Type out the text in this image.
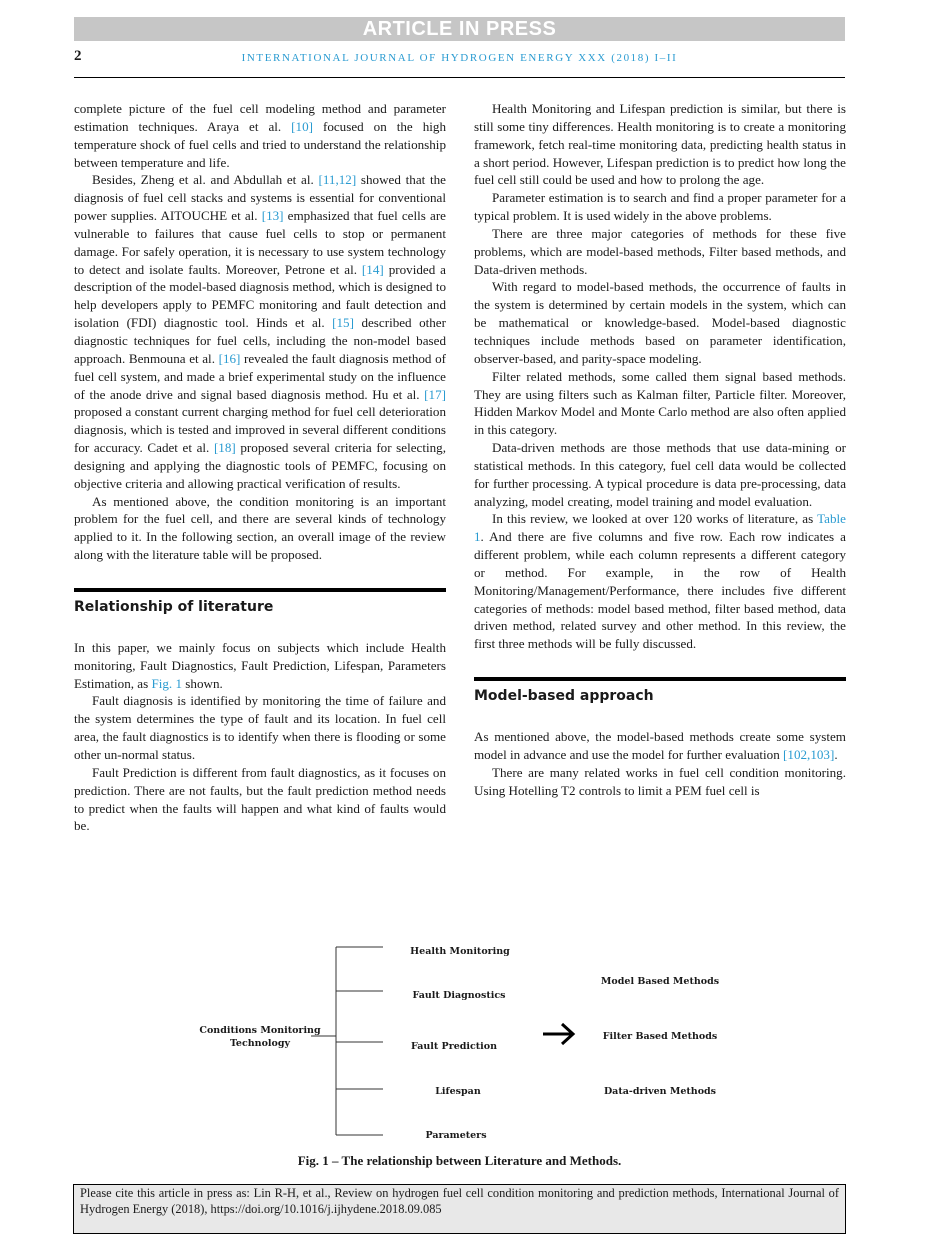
ARTICLE IN PRESS
2	INTERNATIONAL JOURNAL OF HYDROGEN ENERGY XXX (2018) I–II

complete picture of the fuel cell modeling method and parameter estimation techniques. Araya et al. [10] focused on the high temperature shock of fuel cells and tried to understand the relationship between temperature and life.

Besides, Zheng et al. and Abdullah et al. [11,12] showed that the diagnosis of fuel cell stacks and systems is essential for conventional power supplies. AITOUCHE et al. [13] emphasized that fuel cells are vulnerable to failures that cause fuel cells to stop or permanent damage. For safely operation, it is necessary to use system technology to detect and isolate faults. Moreover, Petrone et al. [14] provided a description of the model-based diagnosis method, which is designed to help developers apply to PEMFC monitoring and fault detection and isolation (FDI) diagnostic tool. Hinds et al. [15] described other diagnostic techniques for fuel cells, including the non-model based approach. Benmouna et al. [16] revealed the fault diagnosis method of fuel cell system, and made a brief experimental study on the influence of the anode drive and signal based diagnosis method. Hu et al. [17] proposed a constant current charging method for fuel cell deterioration diagnosis, which is tested and improved in several different conditions for accuracy. Cadet et al. [18] proposed several criteria for selecting, designing and applying the diagnostic tools of PEMFC, focusing on objective criteria and allowing practical verification of results.

As mentioned above, the condition monitoring is an important problem for the fuel cell, and there are several kinds of technology applied to it. In the following section, an overall image of the review along with the literature table will be proposed.

Relationship of literature

In this paper, we mainly focus on subjects which include Health monitoring, Fault Diagnostics, Fault Prediction, Lifespan, Parameters Estimation, as Fig. 1 shown.

Fault diagnosis is identified by monitoring the time of failure and the system determines the type of fault and its location. In fuel cell area, the fault diagnostics is to identify when there is flooding or some other un-normal status.

Fault Prediction is different from fault diagnostics, as it focuses on prediction. There are not faults, but the fault prediction method needs to predict when the faults will happen and what kind of faults would be.

Health Monitoring and Lifespan prediction is similar, but there is still some tiny differences. Health monitoring is to create a monitoring framework, fetch real-time monitoring data, predicting health status in a short period. However, Lifespan prediction is to predict how long the fuel cell still could be used and how to prolong the age.

Parameter estimation is to search and find a proper parameter for a typical problem. It is used widely in the above problems.

There are three major categories of methods for these five problems, which are model-based methods, Filter based methods, and Data-driven methods.

With regard to model-based methods, the occurrence of faults in the system is determined by certain models in the system, which can be mathematical or knowledge-based. Model-based diagnostic techniques include methods based on parameter identification, observer-based, and parity-space modeling.

Filter related methods, some called them signal based methods. They are using filters such as Kalman filter, Particle filter. Moreover, Hidden Markov Model and Monte Carlo method are also often applied in this category.

Data-driven methods are those methods that use data-mining or statistical methods. In this category, fuel cell data would be collected for further processing. A typical procedure is data pre-processing, data analyzing, model creating, model training and model evaluation.

In this review, we looked at over 120 works of literature, as Table 1. And there are five columns and five row. Each row indicates a different problem, while each column represents a different category or method. For example, in the row of Health Monitoring/Management/Performance, there includes five different categories of methods: model based method, filter based method, data driven method, related survey and other method. In this review, the first three methods will be fully discussed.

Model-based approach

As mentioned above, the model-based methods create some system model in advance and use the model for further evaluation [102,103].

There are many related works in fuel cell condition monitoring. Using Hotelling T2 controls to limit a PEM fuel cell is

Conditions Monitoring
Technology
Health Monitoring
Fault Diagnostics
Fault Prediction
Lifespan
Parameters
Model Based Methods
Filter Based Methods
Data-driven Methods
Fig. 1 – The relationship between Literature and Methods.
Please cite this article in press as: Lin R-H, et al., Review on hydrogen fuel cell condition monitoring and prediction methods, International Journal of Hydrogen Energy (2018), https://doi.org/10.1016/j.ijhydene.2018.09.085
